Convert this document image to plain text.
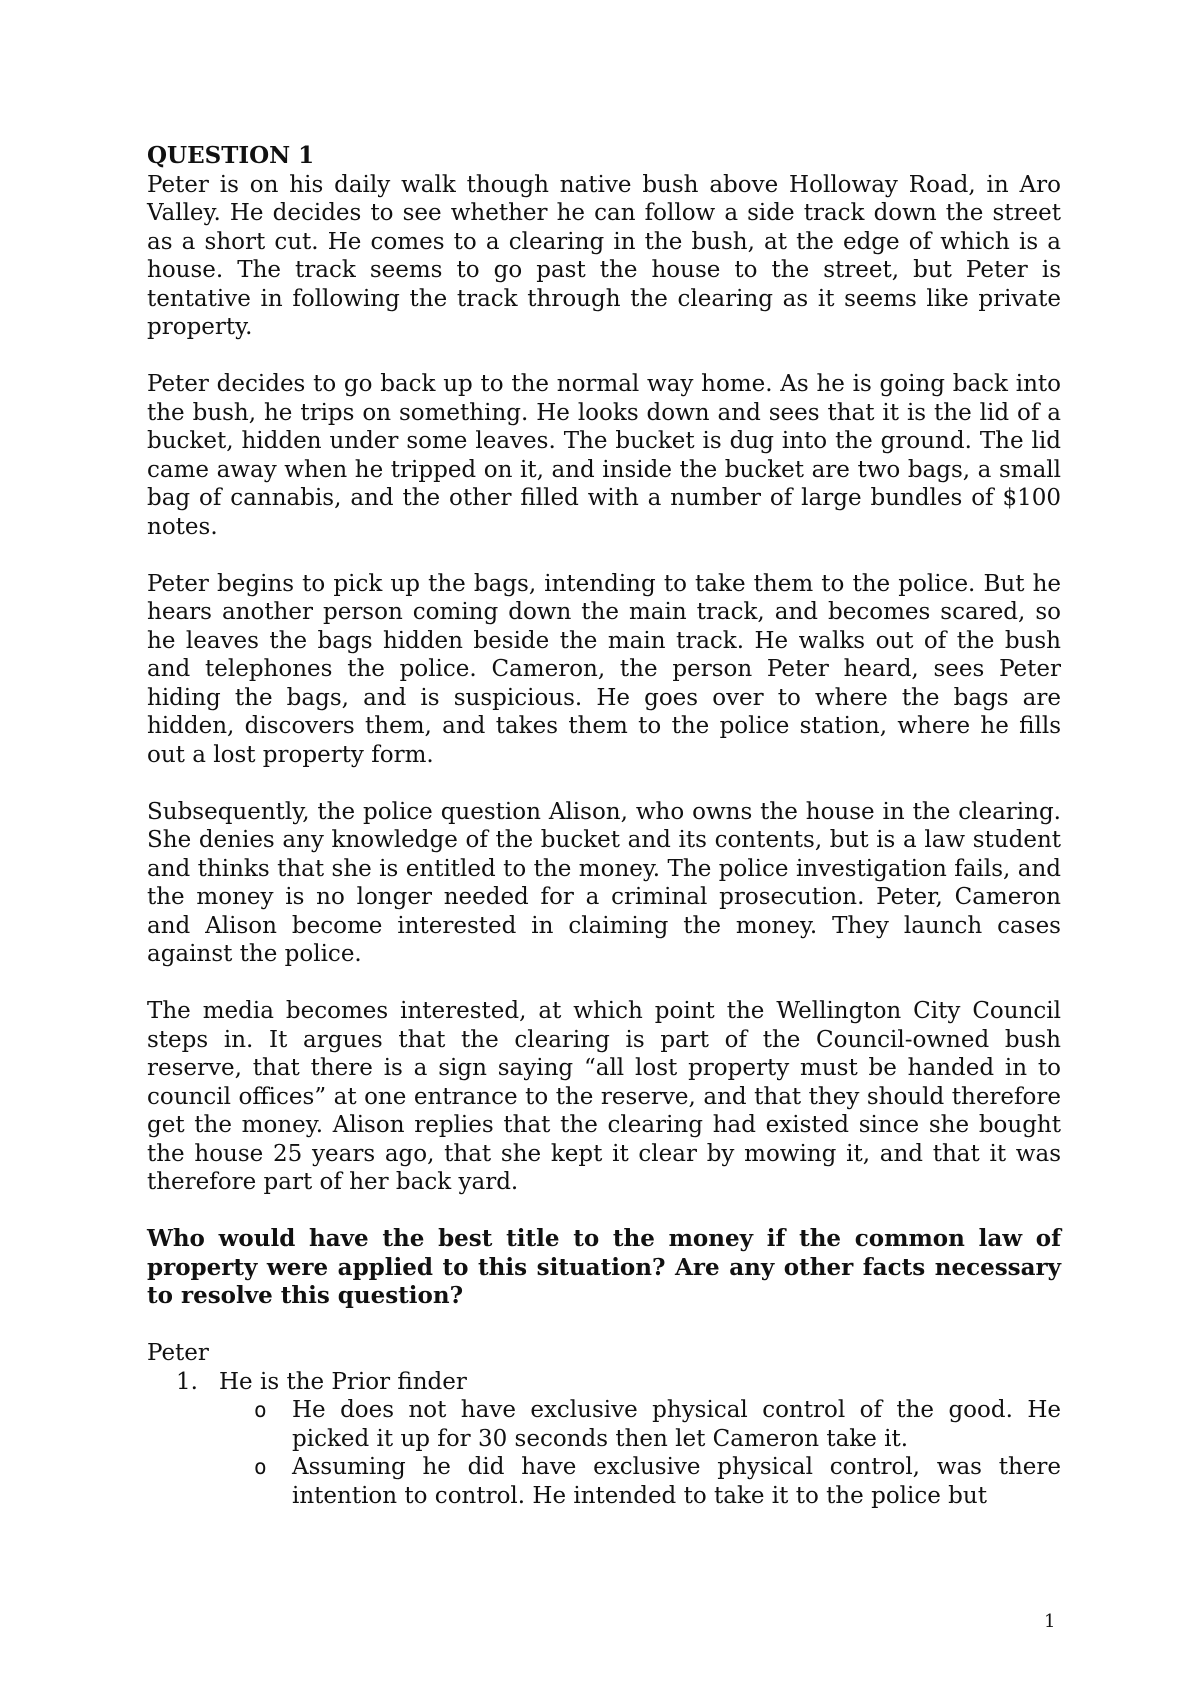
QUESTION 1

Peter is on his daily walk though native bush above Holloway Road, in Aro Valley. He decides to see whether he can follow a side track down the street as a short cut. He comes to a clearing in the bush, at the edge of which is a house. The track seems to go past the house to the street, but Peter is tentative in following the track through the clearing as it seems like private property.

Peter decides to go back up to the normal way home. As he is going back into the bush, he trips on something. He looks down and sees that it is the lid of a bucket, hidden under some leaves. The bucket is dug into the ground. The lid came away when he tripped on it, and inside the bucket are two bags, a small bag of cannabis, and the other filled with a number of large bundles of $100 notes.

Peter begins to pick up the bags, intending to take them to the police. But he hears another person coming down the main track, and becomes scared, so he leaves the bags hidden beside the main track. He walks out of the bush and telephones the police. Cameron, the person Peter heard, sees Peter hiding the bags, and is suspicious. He goes over to where the bags are hidden, discovers them, and takes them to the police station, where he fills out a lost property form.

Subsequently, the police question Alison, who owns the house in the clearing. She denies any knowledge of the bucket and its contents, but is a law student and thinks that she is entitled to the money. The police investigation fails, and the money is no longer needed for a criminal prosecution. Peter, Cameron and Alison become interested in claiming the money. They launch cases against the police.

The media becomes interested, at which point the Wellington City Council steps in. It argues that the clearing is part of the Council-owned bush reserve, that there is a sign saying “all lost property must be handed in to council offices” at one entrance to the reserve, and that they should therefore get the money. Alison replies that the clearing had existed since she bought the house 25 years ago, that she kept it clear by mowing it, and that it was therefore part of her back yard.

Who would have the best title to the money if the common law of property were applied to this situation? Are any other facts necessary to resolve this question?

Peter

1. He is the Prior finder

o He does not have exclusive physical control of the good. He picked it up for 30 seconds then let Cameron take it.

o Assuming he did have exclusive physical control, was there intention to control. He intended to take it to the police but

1
